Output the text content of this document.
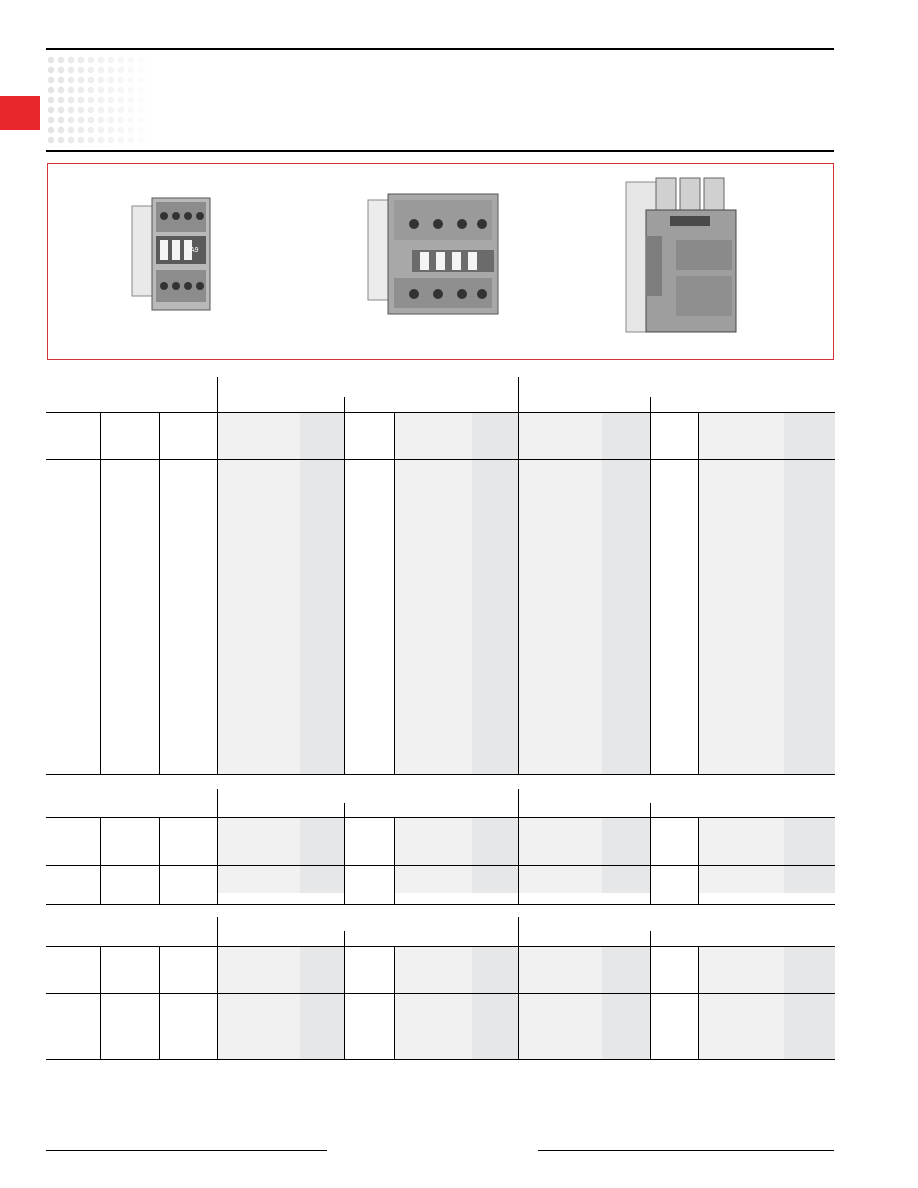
A9
